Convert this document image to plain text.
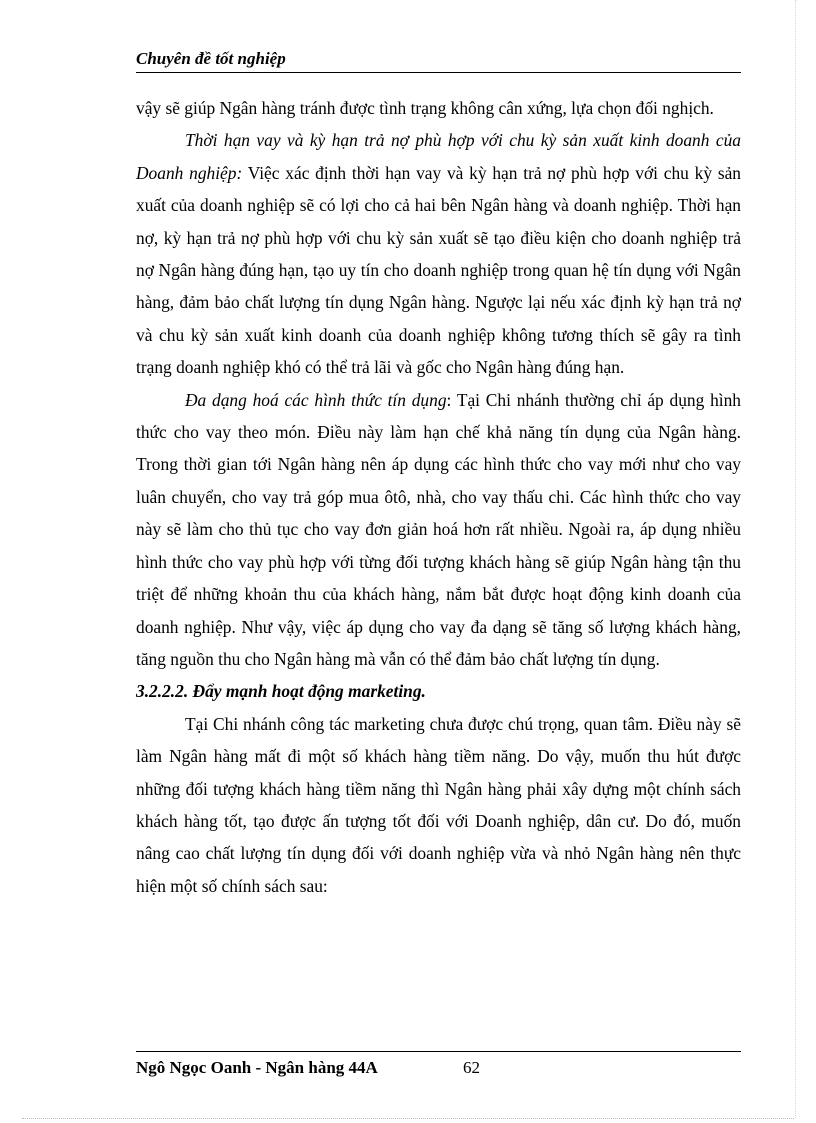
Chuyên đề tốt nghiệp

vậy sẽ giúp Ngân hàng tránh được tình trạng không cân xứng, lựa chọn đối nghịch.

Thời hạn vay và kỳ hạn trả nợ phù hợp với chu kỳ sản xuất kinh doanh của Doanh nghiệp: Việc xác định thời hạn vay và kỳ hạn trả nợ phù hợp với chu kỳ sản xuất của doanh nghiệp sẽ có lợi cho cả hai bên Ngân hàng và doanh nghiệp. Thời hạn nợ, kỳ hạn trả nợ phù hợp với chu kỳ sản xuất sẽ tạo điều kiện cho doanh nghiệp trả nợ Ngân hàng đúng hạn, tạo uy tín cho doanh nghiệp trong quan hệ tín dụng với Ngân hàng, đảm bảo chất lượng tín dụng Ngân hàng. Ngược lại nếu xác định kỳ hạn trả nợ và chu kỳ sản xuất kinh doanh của doanh nghiệp không tương thích sẽ gây ra tình trạng doanh nghiệp khó có thể trả lãi và gốc cho Ngân hàng đúng hạn.

Đa dạng hoá các hình thức tín dụng: Tại Chi nhánh thường chỉ áp dụng hình thức cho vay theo món. Điều này làm hạn chế khả năng tín dụng của Ngân hàng. Trong thời gian tới Ngân hàng nên áp dụng các hình thức cho vay mới như cho vay luân chuyển, cho vay trả góp mua ôtô, nhà, cho vay thấu chi. Các hình thức cho vay này sẽ làm cho thủ tục cho vay đơn giản hoá hơn rất nhiều. Ngoài ra, áp dụng nhiều hình thức cho vay phù hợp với từng đối tượng khách hàng sẽ giúp Ngân hàng tận thu triệt để những khoản thu của khách hàng, nắm bắt được hoạt động kinh doanh của doanh nghiệp. Như vậy, việc áp dụng cho vay đa dạng sẽ tăng số lượng khách hàng, tăng nguồn thu cho Ngân hàng mà vẫn có thể đảm bảo chất lượng tín dụng.

3.2.2.2. Đẩy mạnh hoạt động marketing.

Tại Chi nhánh công tác marketing chưa được chú trọng, quan tâm. Điều này sẽ làm Ngân hàng mất đi một số khách hàng tiềm năng. Do vậy, muốn thu hút được những đối tượng khách hàng tiềm năng thì Ngân hàng phải xây dựng một chính sách khách hàng tốt, tạo được ấn tượng tốt đối với Doanh nghiệp, dân cư. Do đó, muốn nâng cao chất lượng tín dụng đối với doanh nghiệp vừa và nhỏ Ngân hàng nên thực hiện một số chính sách sau:

Ngô Ngọc Oanh - Ngân hàng 44A	62
